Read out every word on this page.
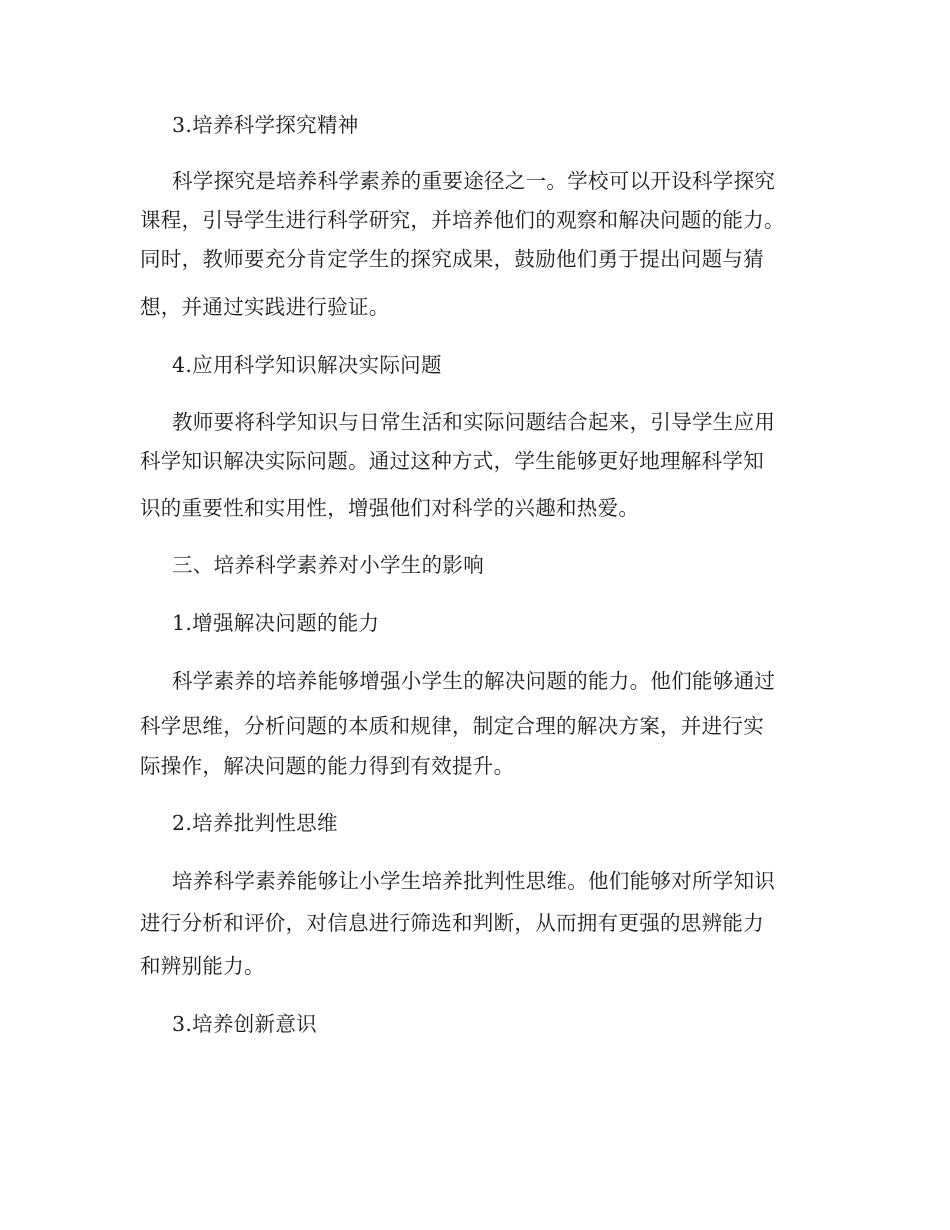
3.培养科学探究精神
科学探究是培养科学素养的重要途径之一。学校可以开设科学探究
课程，引导学生进行科学研究，并培养他们的观察和解决问题的能力。
同时，教师要充分肯定学生的探究成果，鼓励他们勇于提出问题与猜
想，并通过实践进行验证。
4.应用科学知识解决实际问题
教师要将科学知识与日常生活和实际问题结合起来，引导学生应用
科学知识解决实际问题。通过这种方式，学生能够更好地理解科学知
识的重要性和实用性，增强他们对科学的兴趣和热爱。
三、培养科学素养对小学生的影响
1.增强解决问题的能力
科学素养的培养能够增强小学生的解决问题的能力。他们能够通过
科学思维，分析问题的本质和规律，制定合理的解决方案，并进行实
际操作，解决问题的能力得到有效提升。
2.培养批判性思维
培养科学素养能够让小学生培养批判性思维。他们能够对所学知识
进行分析和评价，对信息进行筛选和判断，从而拥有更强的思辨能力
和辨别能力。
3.培养创新意识
